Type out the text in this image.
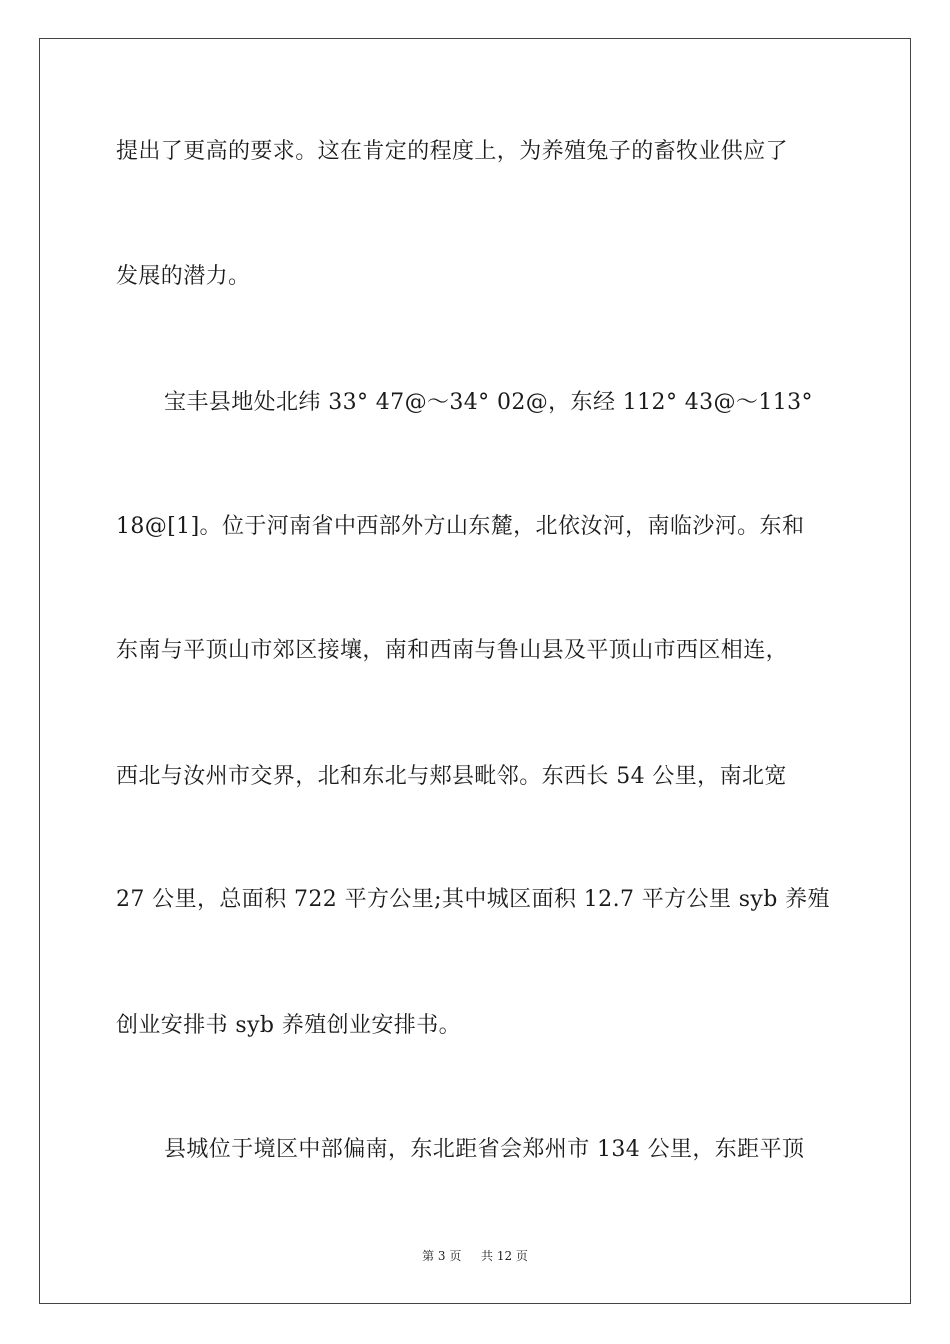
提出了更高的要求。这在肯定的程度上，为养殖兔子的畜牧业供应了
发展的潜力。
宝丰县地处北纬 33° 47@～34° 02@，东经 112° 43@～113°
18@[1]。位于河南省中西部外方山东麓，北依汝河，南临沙河。东和
东南与平顶山市郊区接壤，南和西南与鲁山县及平顶山市西区相连，
西北与汝州市交界，北和东北与郏县毗邻。东西长 54 公里，南北宽
27 公里，总面积 722 平方公里;其中城区面积 12.7 平方公里 syb 养殖
创业安排书 syb 养殖创业安排书。
县城位于境区中部偏南，东北距省会郑州市 134 公里，东距平顶
第 3 页 共 12 页
